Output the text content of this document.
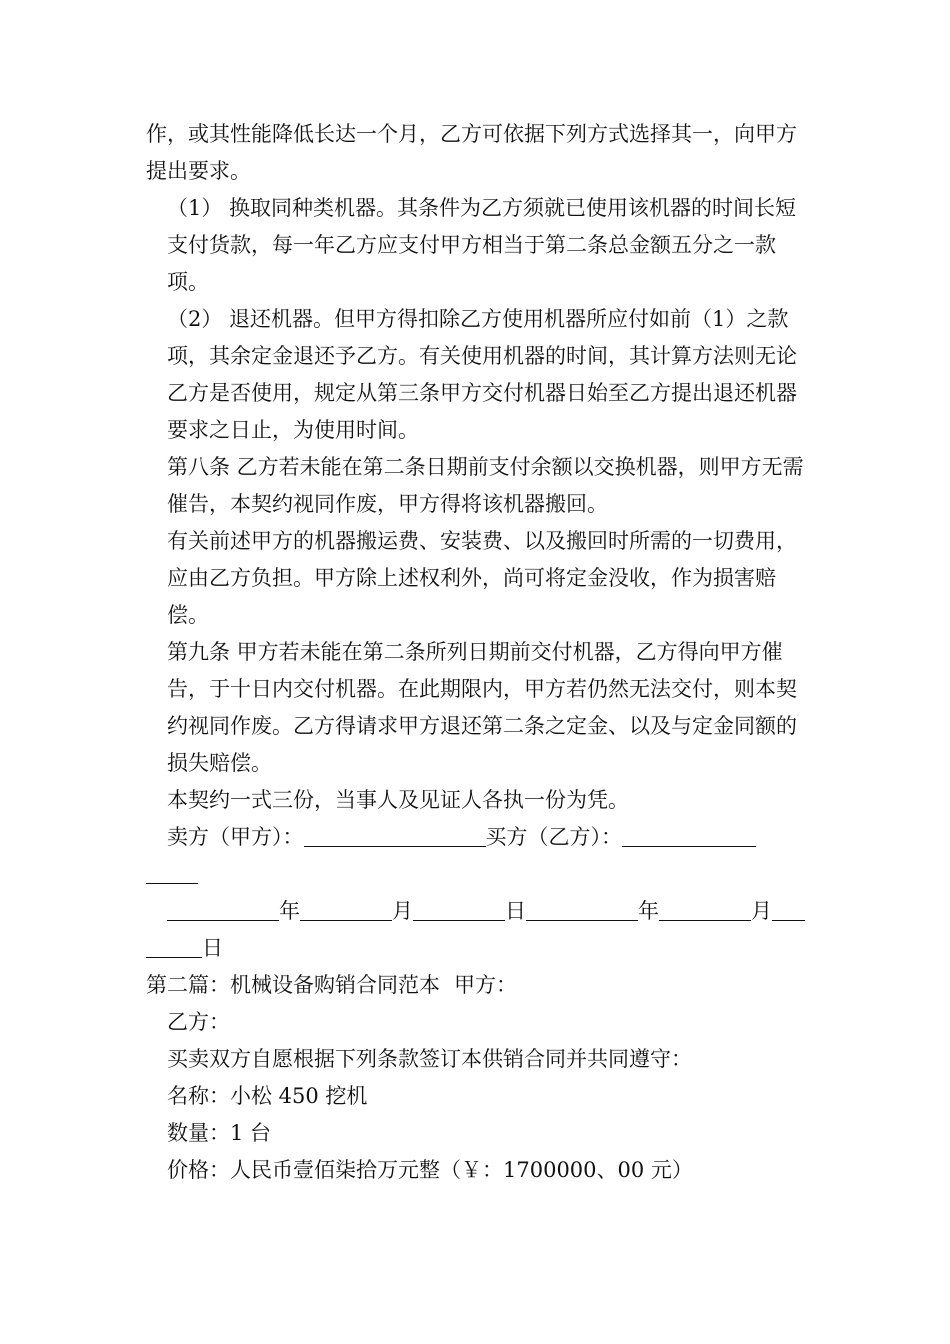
作，或其性能降低长达一个月，乙方可依据下列方式选择其一，向甲方提出要求。

（1） 换取同种类机器。其条件为乙方须就已使用该机器的时间长短支付货款，每一年乙方应支付甲方相当于第二条总金额五分之一款项。

（2） 退还机器。但甲方得扣除乙方使用机器所应付如前（1）之款项，其余定金退还予乙方。有关使用机器的时间，其计算方法则无论乙方是否使用，规定从第三条甲方交付机器日始至乙方提出退还机器要求之日止，为使用时间。

第八条 乙方若未能在第二条日期前支付余额以交换机器，则甲方无需催告，本契约视同作废，甲方得将该机器搬回。

有关前述甲方的机器搬运费、安装费、以及搬回时所需的一切费用，应由乙方负担。甲方除上述权利外，尚可将定金没收，作为损害赔偿。

第九条 甲方若未能在第二条所列日期前交付机器，乙方得向甲方催告，于十日内交付机器。在此期限内，甲方若仍然无法交付，则本契约视同作废。乙方得请求甲方退还第二条之定金、以及与定金同额的损失赔偿。

本契约一式三份，当事人及见证人各执一份为凭。

卖方（甲方）：	买方（乙方）：

年	月	日	年	月

日

第二篇：机械设备购销合同范本 甲方：

乙方：

买卖双方自愿根据下列条款签订本供销合同并共同遵守：

名称：小松 450 挖机

数量：1 台

价格：人民币壹佰柒拾万元整（￥：1700000、00 元）
